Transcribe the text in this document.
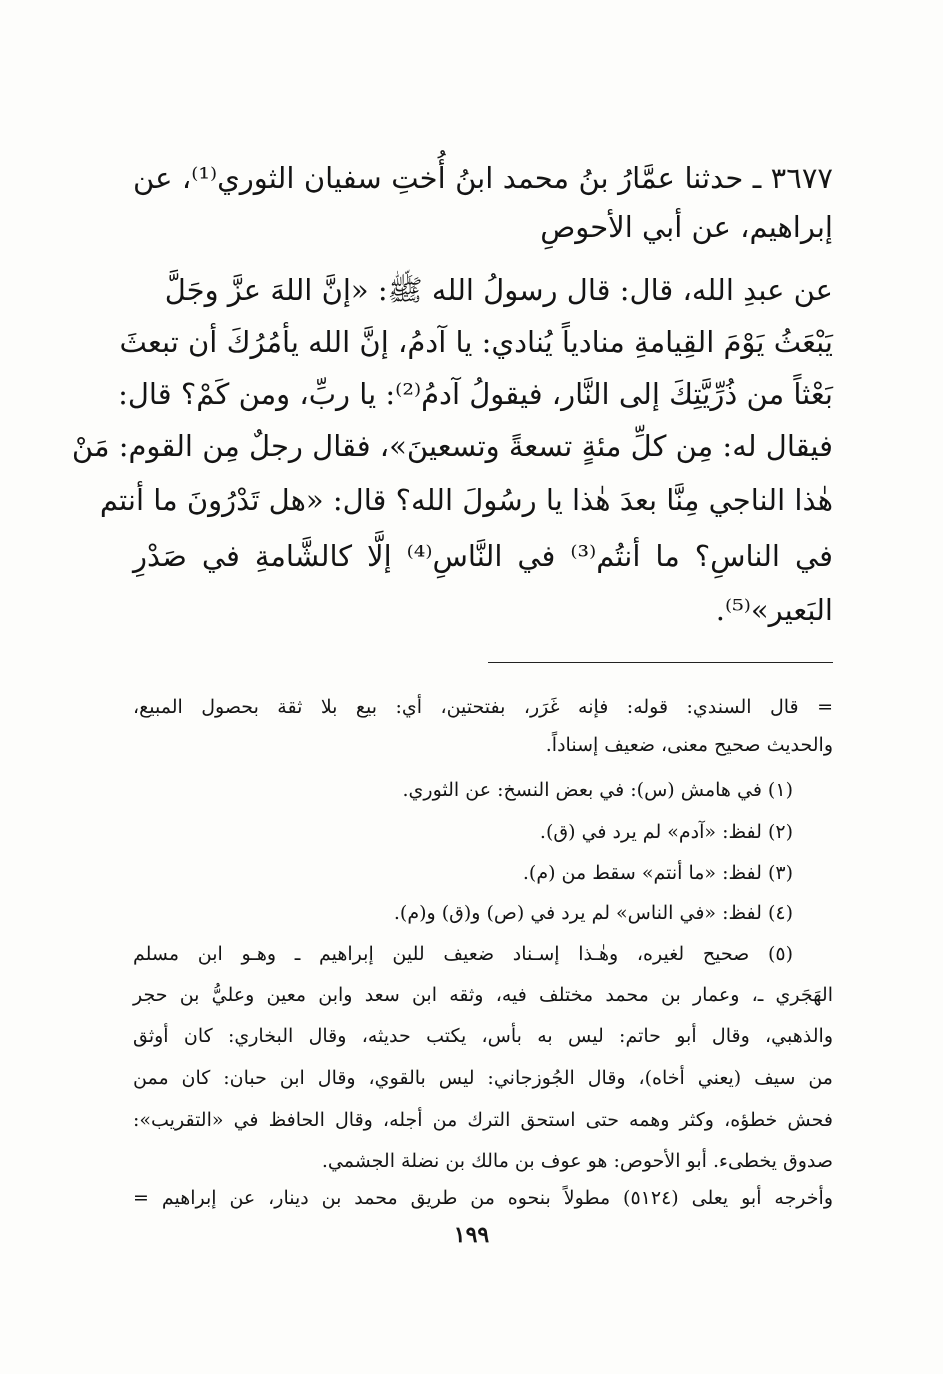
٣٦٧٧ ـ حدثنا عمَّارُ بنُ محمد ابنُ أُختِ سفيان الثوري⁽¹⁾، عن
إبراهيم، عن أبي الأحوصِ
عن عبدِ الله، قال: قال رسولُ الله ﷺ: «إنَّ اللهَ عزَّ وجَلَّ
يَبْعَثُ يَوْمَ القِيامةِ منادياً يُنادي: يا آدمُ، إنَّ الله يأمُرُكَ أن تبعثَ
بَعْثاً من ذُرِّيَّتِكَ إلى النَّار، فيقولُ آدمُ⁽²⁾: يا ربِّ، ومن كَمْ؟ قال:
فيقال له: مِن كلِّ مئةٍ تسعةً وتسعينَ»، فقال رجلٌ مِن القوم: مَنْ
هٰذا الناجي مِنَّا بعدَ هٰذا يا رسُولَ الله؟ قال: «هل تَدْرُونَ ما أنتم
في الناسِ؟ ما أنتُم⁽³⁾ في النَّاسِ⁽⁴⁾ إلَّا كالشَّامةِ في صَدْرِ
البَعير»⁽⁵⁾.
= قال السندي: قوله: فإنه غَرَر، بفتحتين، أي: بيع بلا ثقة بحصول المبيع،
والحديث صحيح معنى، ضعيف إسناداً.
(١) في هامش (س): في بعض النسخ: عن الثوري.
(٢) لفظ: «آدم» لم يرد في (ق).
(٣) لفظ: «ما أنتم» سقط من (م).
(٤) لفظ: «في الناس» لم يرد في (ص) و(ق) و(م).
(٥) صحيح لغيره، وهٰـذا إسـناد ضعيف للين إبراهيم ـ وهـو ابن مسلم
الهَجَري ـ، وعمار بن محمد مختلف فيه، وثقه ابن سعد وابن معين وعليُّ بن حجر
والذهبي، وقال أبو حاتم: ليس به بأس، يكتب حديثه، وقال البخاري: كان أوثق
من سيف (يعني أخاه)، وقال الجُوزجاني: ليس بالقوي، وقال ابن حبان: كان ممن
فحش خطؤه، وكثر وهمه حتى استحق الترك من أجله، وقال الحافظ في «التقريب»:
صدوق يخطىء. أبو الأحوص: هو عوف بن مالك بن نضلة الجشمي.
وأخرجه أبو يعلى (٥١٢٤) مطولاً بنحوه من طريق محمد بن دينار، عن إبراهيم =
١٩٩
